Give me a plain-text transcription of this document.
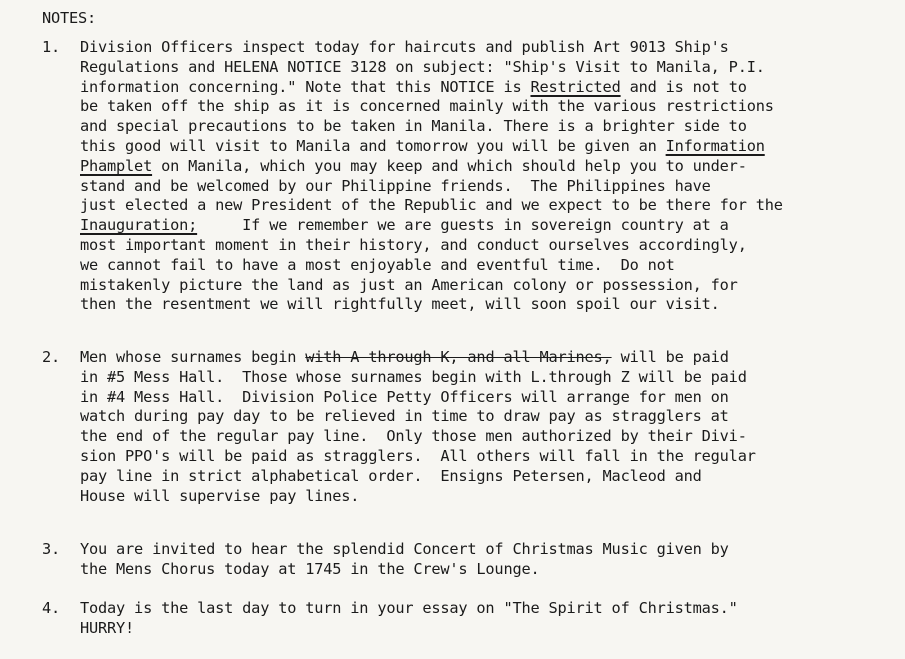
NOTES:
1. Division Officers inspect today for haircuts and publish Art 9013 Ship's
Regulations and HELENA NOTICE 3128 on subject: "Ship's Visit to Manila, P.I.
information concerning." Note that this NOTICE is Restricted and is not to
be taken off the ship as it is concerned mainly with the various restrictions
and special precautions to be taken in Manila. There is a brighter side to
this good will visit to Manila and tomorrow you will be given an Information
Phamplet on Manila, which you may keep and which should help you to under-
stand and be welcomed by our Philippine friends.  The Philippines have
just elected a new President of the Republic and we expect to be there for the
Inauguration;     If we remember we are guests in sovereign country at a
most important moment in their history, and conduct ourselves accordingly,
we cannot fail to have a most enjoyable and eventful time.  Do not
mistakenly picture the land as just an American colony or possession, for
then the resentment we will rightfully meet, will soon spoil our visit.
2. Men whose surnames begin with A through K, and all Marines, will be paid
in #5 Mess Hall.  Those whose surnames begin with L.through Z will be paid
in #4 Mess Hall.  Division Police Petty Officers will arrange for men on
watch during pay day to be relieved in time to draw pay as stragglers at
the end of the regular pay line.  Only those men authorized by their Divi-
sion PPO's will be paid as stragglers.  All others will fall in the regular
pay line in strict alphabetical order.  Ensigns Petersen, Macleod and
House will supervise pay lines.
3. You are invited to hear the splendid Concert of Christmas Music given by
the Mens Chorus today at 1745 in the Crew's Lounge.
4. Today is the last day to turn in your essay on "The Spirit of Christmas."
HURRY!
